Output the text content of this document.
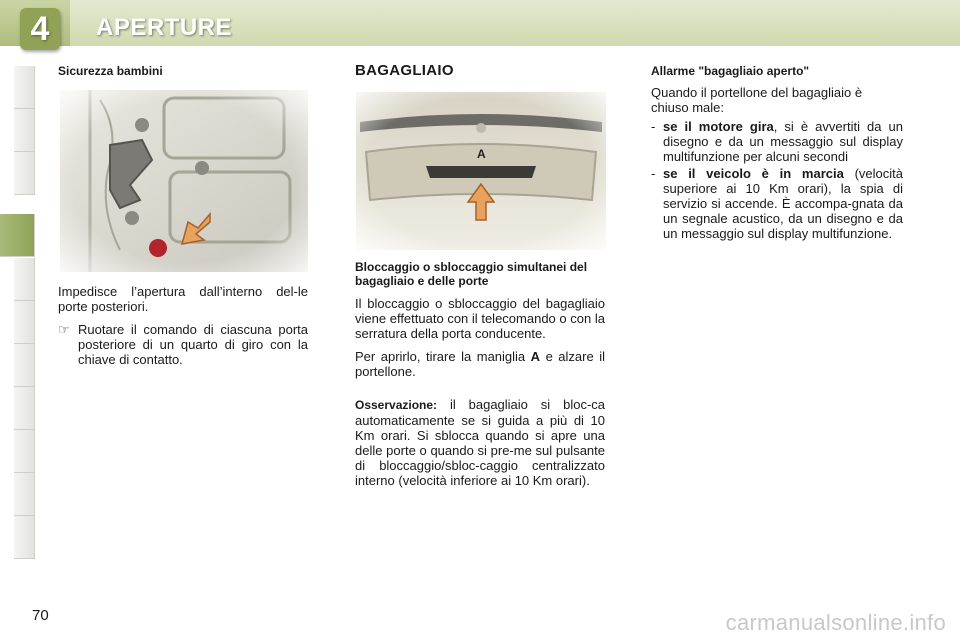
4	APERTURE
Sicurezza bambini

Impedisce l’apertura dall’interno del-le porte posteriori.

☞ Ruotare il comando di ciascuna porta posteriore di un quarto di giro con la chiave di contatto.
BAGAGLIAIO

Bloccaggio o sbloccaggio simultanei del bagagliaio e delle porte

Il bloccaggio o sbloccaggio del bagagliaio viene effettuato con il telecomando o con la serratura della porta conducente.

Per aprirlo, tirare la maniglia A e alzare il portellone.

Osservazione: il bagagliaio si bloc-ca automaticamente se si guida a più di 10 Km orari. Si sblocca quando si apre una delle porte o quando si pre-me sul pulsante di bloccaggio/sbloc-caggio centralizzato interno (velocità inferiore ai 10 Km orari).

Allarme "bagagliaio aperto"

Quando il portellone del bagagliaio è chiuso male:

- se il motore gira, si è avvertiti da un disegno e da un messaggio sul display multifunzione per alcuni secondi
- se il veicolo è in marcia (velocità superiore ai 10 Km orari), la spia di servizio si accende. È accompa-gnata da un segnale acustico, da un disegno e da un messaggio sul display multifunzione.
70	carmanualsonline.info
